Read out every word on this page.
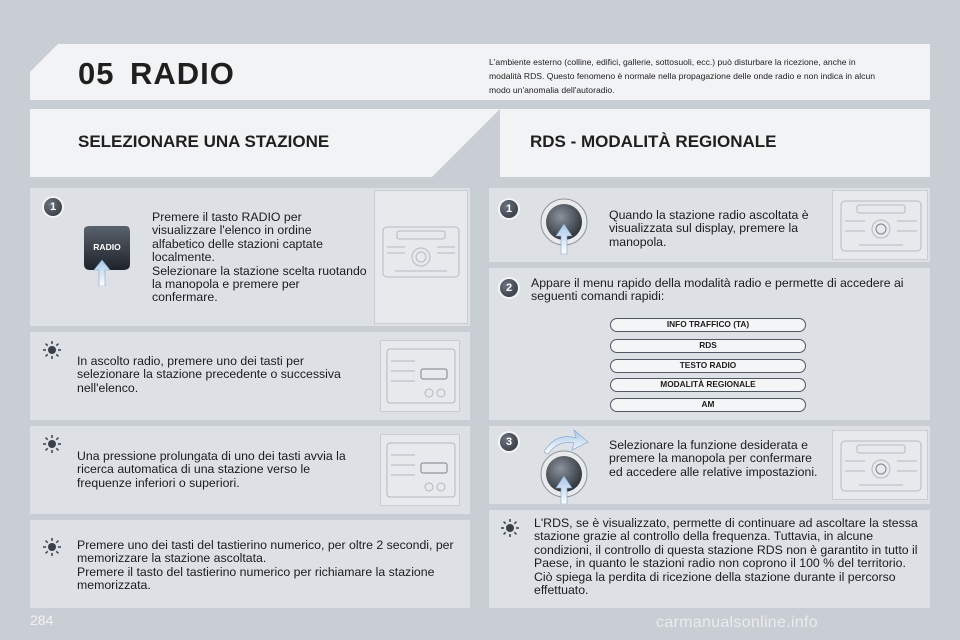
05 RADIO	L'ambiente esterno (colline, edifici, gallerie, sottosuoli, ecc.) può disturbare la ricezione, anche in modalità RDS. Questo fenomeno è normale nella propagazione delle onde radio e non indica in alcun modo un'anomalia dell'autoradio.
SELEZIONARE UNA STAZIONE	RDS - MODALITÀ REGIONALE
1
RADIO
Premere il tasto RADIO per visualizzare l'elenco in ordine alfabetico delle stazioni captate localmente.
Selezionare la stazione scelta ruotando la manopola e premere per confermare.
In ascolto radio, premere uno dei tasti per selezionare la stazione precedente o successiva nell'elenco.
Una pressione prolungata di uno dei tasti avvia la ricerca automatica di una stazione verso le frequenze inferiori o superiori.
Premere uno dei tasti del tastierino numerico, per oltre 2 secondi, per memorizzare la stazione ascoltata.
Premere il tasto del tastierino numerico per richiamare la stazione memorizzata.
1	Quando la stazione radio ascoltata è visualizzata sul display, premere la manopola.
2	Appare il menu rapido della modalità radio e permette di accedere ai seguenti comandi rapidi:
INFO TRAFFICO (TA)
RDS
TESTO RADIO
MODALITÀ REGIONALE
AM
3	Selezionare la funzione desiderata e premere la manopola per confermare ed accedere alle relative impostazioni.
L'RDS, se è visualizzato, permette di continuare ad ascoltare la stessa stazione grazie al controllo della frequenza. Tuttavia, in alcune condizioni, il controllo di questa stazione RDS non è garantito in tutto il Paese, in quanto le stazioni radio non coprono il 100 % del territorio. Ciò spiega la perdita di ricezione della stazione durante il percorso effettuato.
284	carmanualsonline.info
